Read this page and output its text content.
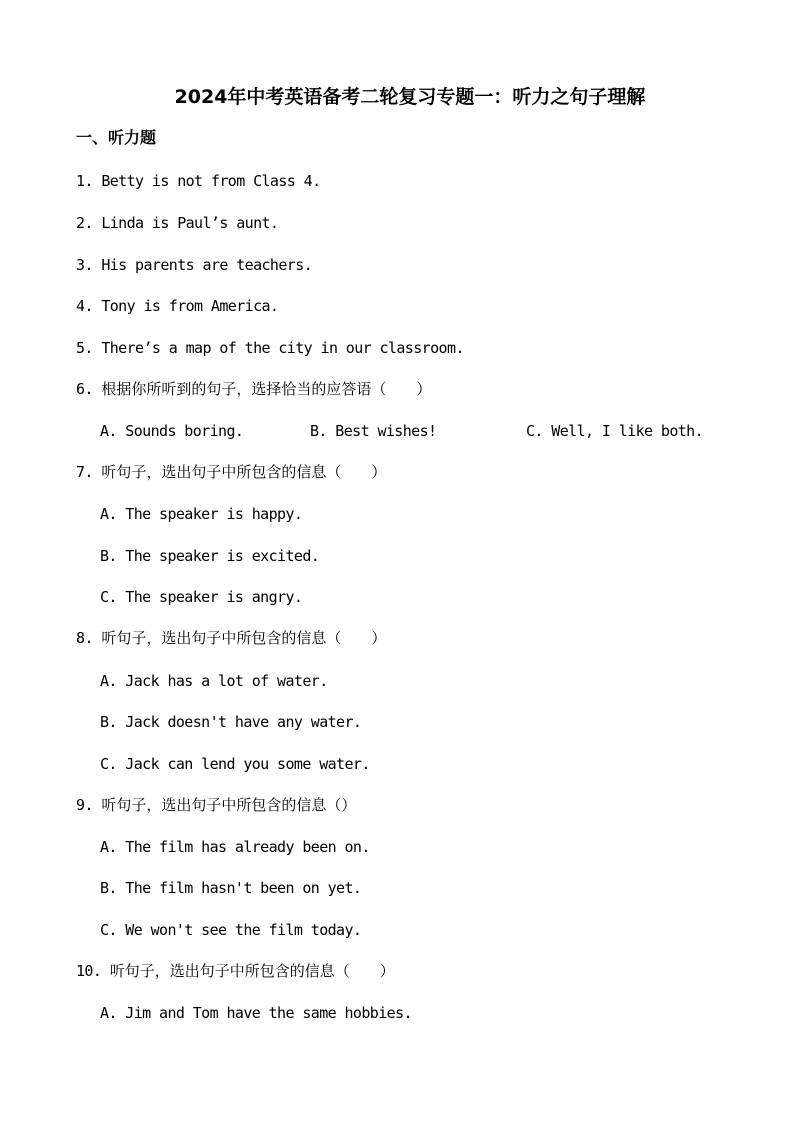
2024年中考英语备考二轮复习专题一：听力之句子理解
一、听力题
1. Betty is not from Class 4.
2. Linda is Paul’s aunt.
3. His parents are teachers.
4. Tony is from America.
5. There’s a map of the city in our classroom.
6. 根据你所听到的句子，选择恰当的应答语（　　）
A. Sounds boring.	B. Best wishes!	C. Well, I like both.
7. 听句子，选出句子中所包含的信息（　　）
A. The speaker is happy.
B. The speaker is excited.
C. The speaker is angry.
8. 听句子，选出句子中所包含的信息（　　）
A. Jack has a lot of water.
B. Jack doesn't have any water.
C. Jack can lend you some water.
9. 听句子，选出句子中所包含的信息（）
A. The film has already been on.
B. The film hasn't been on yet.
C. We won't see the film today.
10. 听句子，选出句子中所包含的信息（　　）
A. Jim and Tom have the same hobbies.
